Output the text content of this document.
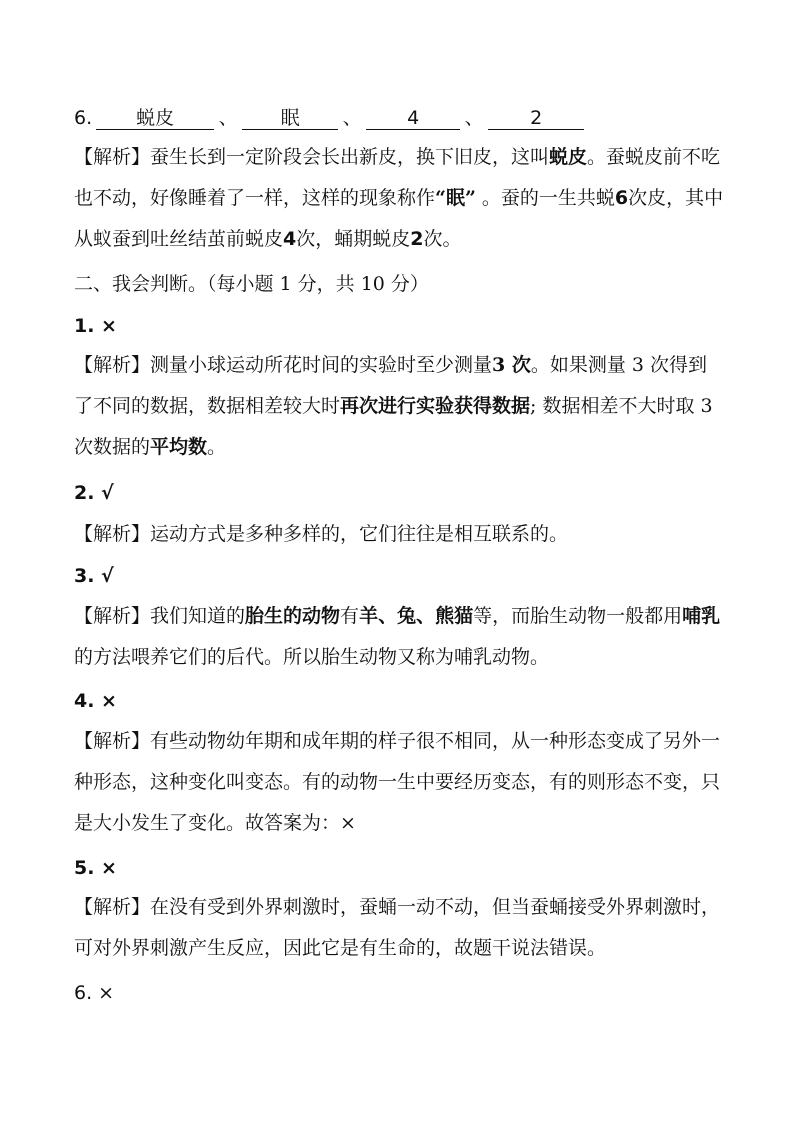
6. 蜕皮 、 眠 、 4 、 2
【解析】蚕生长到一定阶段会长出新皮，换下旧皮，这叫蜕皮。蚕蜕皮前不吃也不动，好像睡着了一样，这样的现象称作“眠” 。蚕的一生共蜕6次皮，其中从蚁蚕到吐丝结茧前蜕皮4次，蛹期蜕皮2次。
二、我会判断。（每小题 1 分，共 10 分）
1. ×
【解析】测量小球运动所花时间的实验时至少测量3 次。如果测量 3 次得到了不同的数据，数据相差较大时再次进行实验获得数据; 数据相差不大时取 3 次数据的平均数。
2. √
【解析】运动方式是多种多样的，它们往往是相互联系的。
3. √
【解析】我们知道的胎生的动物有羊、兔、熊猫等，而胎生动物一般都用哺乳的方法喂养它们的后代。所以胎生动物又称为哺乳动物。
4. ×
【解析】有些动物幼年期和成年期的样子很不相同，从一种形态变成了另外一种形态，这种变化叫变态。有的动物一生中要经历变态，有的则形态不变，只是大小发生了变化。故答案为：×
5. ×
【解析】在没有受到外界刺激时，蚕蛹一动不动，但当蚕蛹接受外界刺激时，可对外界刺激产生反应，因此它是有生命的，故题干说法错误。
6. ×
